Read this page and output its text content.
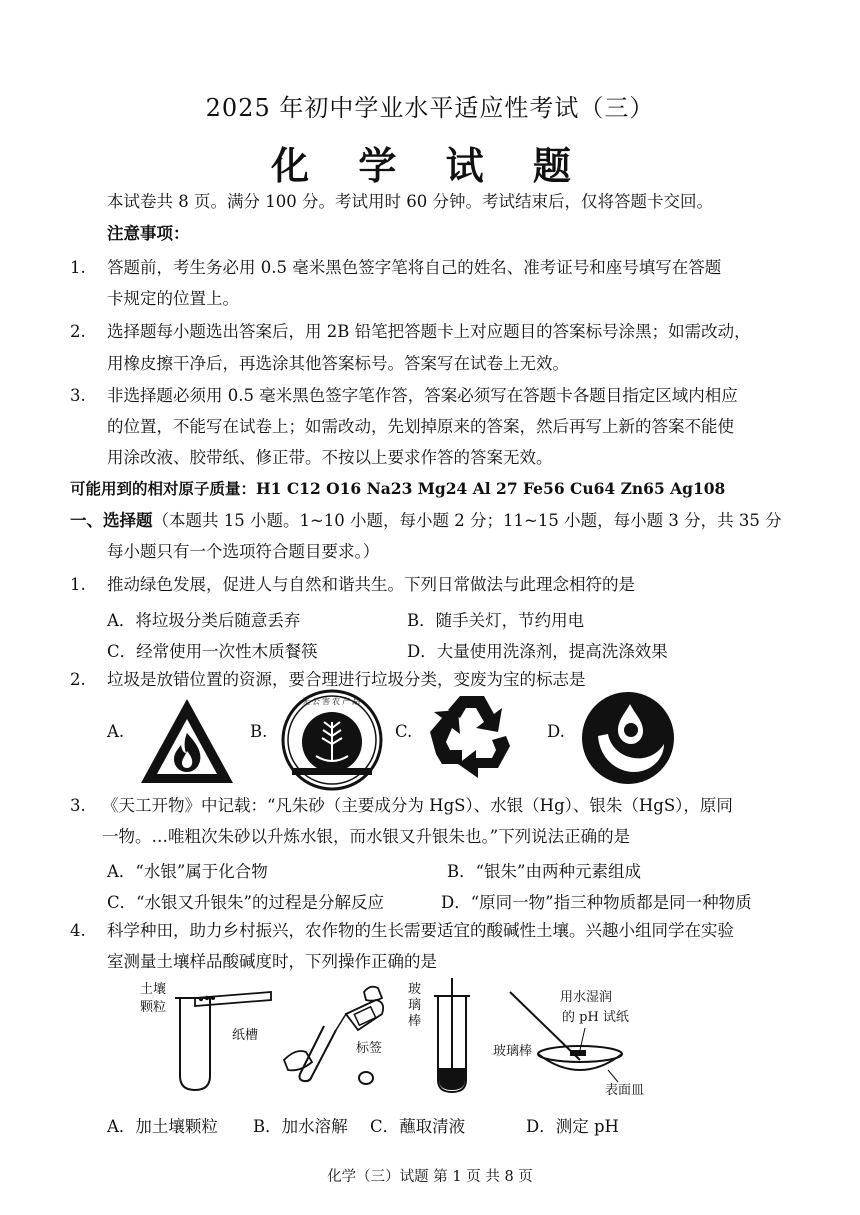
2025 年初中学业水平适应性考试（三）
化 学 试 题
本试卷共 8 页。满分 100 分。考试用时 60 分钟。考试结束后，仅将答题卡交回。
注意事项：
1. 答题前，考生务必用 0.5 毫米黑色签字笔将自己的姓名、准考证号和座号填写在答题
卡规定的位置上。
2. 选择题每小题选出答案后，用 2B 铅笔把答题卡上对应题目的答案标号涂黑；如需改动，
用橡皮擦干净后，再选涂其他答案标号。答案写在试卷上无效。
3. 非选择题必须用 0.5 毫米黑色签字笔作答，答案必须写在答题卡各题目指定区域内相应
的位置，不能写在试卷上；如需改动，先划掉原来的答案，然后再写上新的答案不能使
用涂改液、胶带纸、修正带。不按以上要求作答的答案无效。
可能用到的相对原子质量：H1 C12 O16 Na23 Mg24 Al 27 Fe56 Cu64 Zn65 Ag108
一、选择题（本题共 15 小题。1~10 小题，每小题 2 分；11~15 小题，每小题 3 分，共 35 分
每小题只有一个选项符合题目要求。）
1. 推动绿色发展，促进人与自然和谐共生。下列日常做法与此理念相符的是
A．将垃圾分类后随意丢弃	B．随手关灯，节约用电
C．经常使用一次性木质餐筷	D．大量使用洗涤剂，提高洗涤效果
2. 垃圾是放错位置的资源，要合理进行垃圾分类，变废为宝的标志是
A.	B.
无公害农产品
C.	D.
3. 《天工开物》中记载：“凡朱砂（主要成分为 HgS）、水银（Hg）、银朱（HgS），原同
一物。…唯粗次朱砂以升炼水银，而水银又升银朱也。”下列说法正确的是
A．“水银”属于化合物	B．“银朱”由两种元素组成
C．“水银又升银朱”的过程是分解反应	D．“原同一物”指三种物质都是同一种物质
4. 科学种田，助力乡村振兴，农作物的生长需要适宜的酸碱性土壤。兴趣小组同学在实验
室测量土壤样品酸碱度时，下列操作正确的是
土壤
颗粒
纸槽
标签
玻
璃
棒
用水湿润
的 pH 试纸
玻璃棒
表面皿
A．加土壤颗粒 B．加水溶解 C．蘸取清液	D．测定 pH
化学（三）试题 第 1 页 共 8 页
